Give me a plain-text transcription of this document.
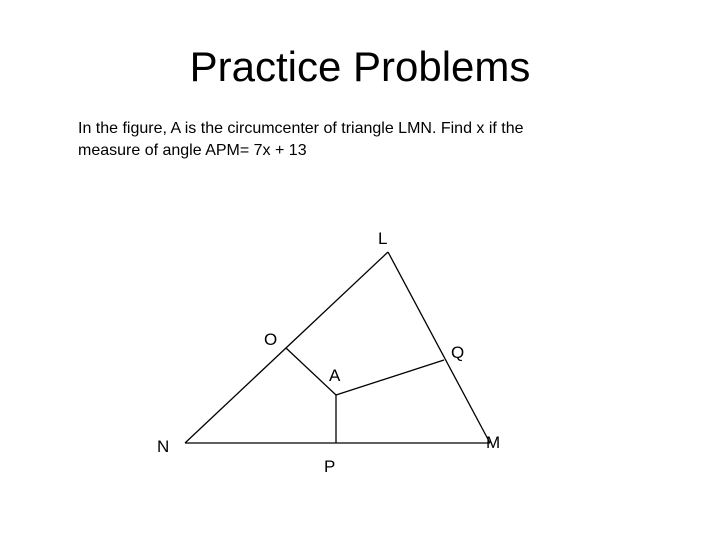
Practice Problems
In the figure, A is the circumcenter of triangle LMN. Find x if the
measure of angle APM= 7x + 13
L
O
Q
A
N	M
P
